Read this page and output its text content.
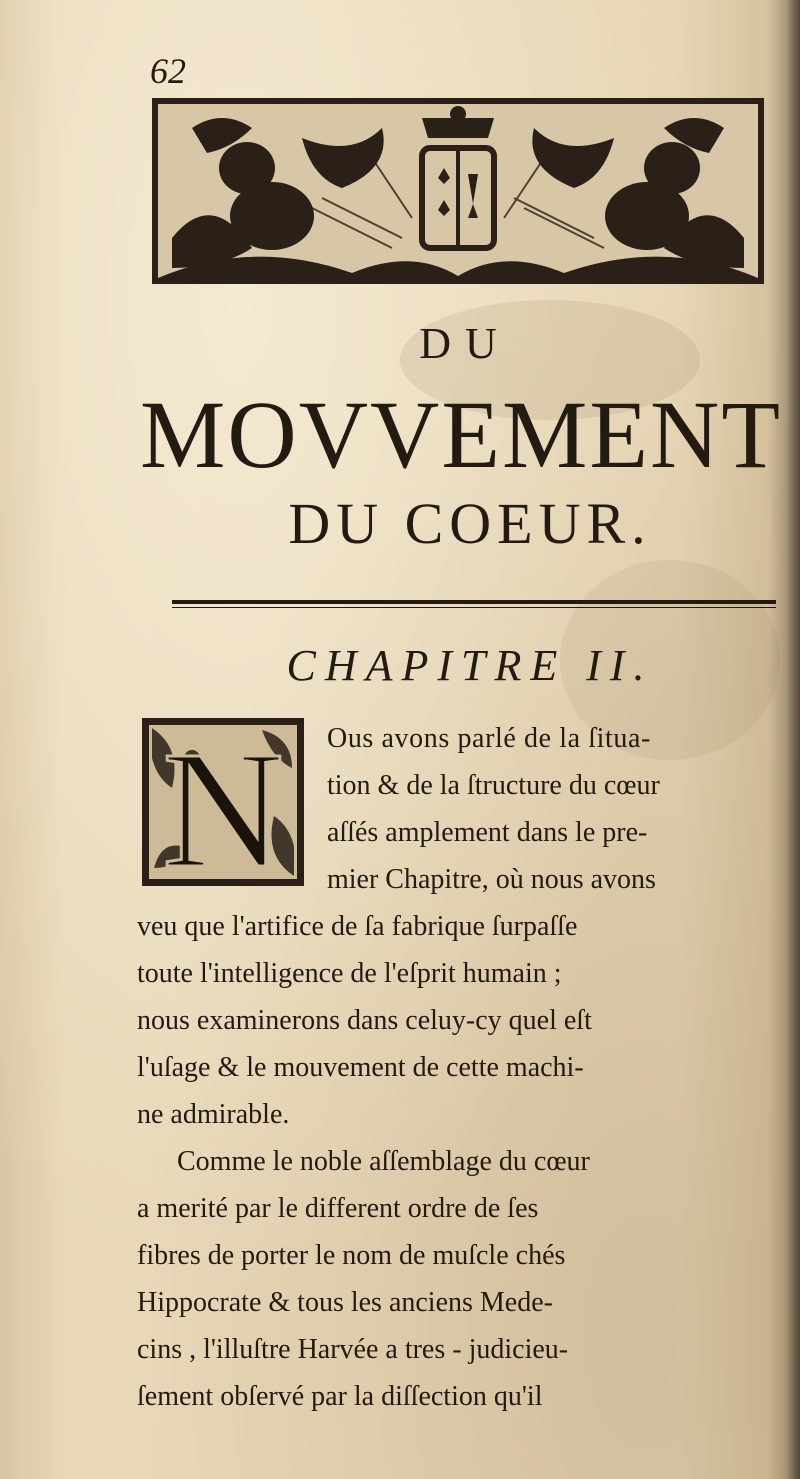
62
DU
MOVVEMENT
DU COEUR.
CHAPITRE II.
N	Ous avons parlé de la ſitua-
tion & de la ſtructure du cœur
aſſés amplement dans le pre-
mier Chapitre, où nous avons
veu que l'artifice de ſa fabrique ſurpaſſe
toute l'intelligence de l'eſprit humain ;
nous examinerons dans celuy-cy quel eſt
l'uſage & le mouvement de cette machi-
ne admirable.
Comme le noble aſſemblage du cœur
a merité par le different ordre de ſes
fibres de porter le nom de muſcle chés
Hippocrate & tous les anciens Mede-
cins , l'illuſtre Harvée a tres - judicieu-
ſement obſervé par la diſſection qu'il
